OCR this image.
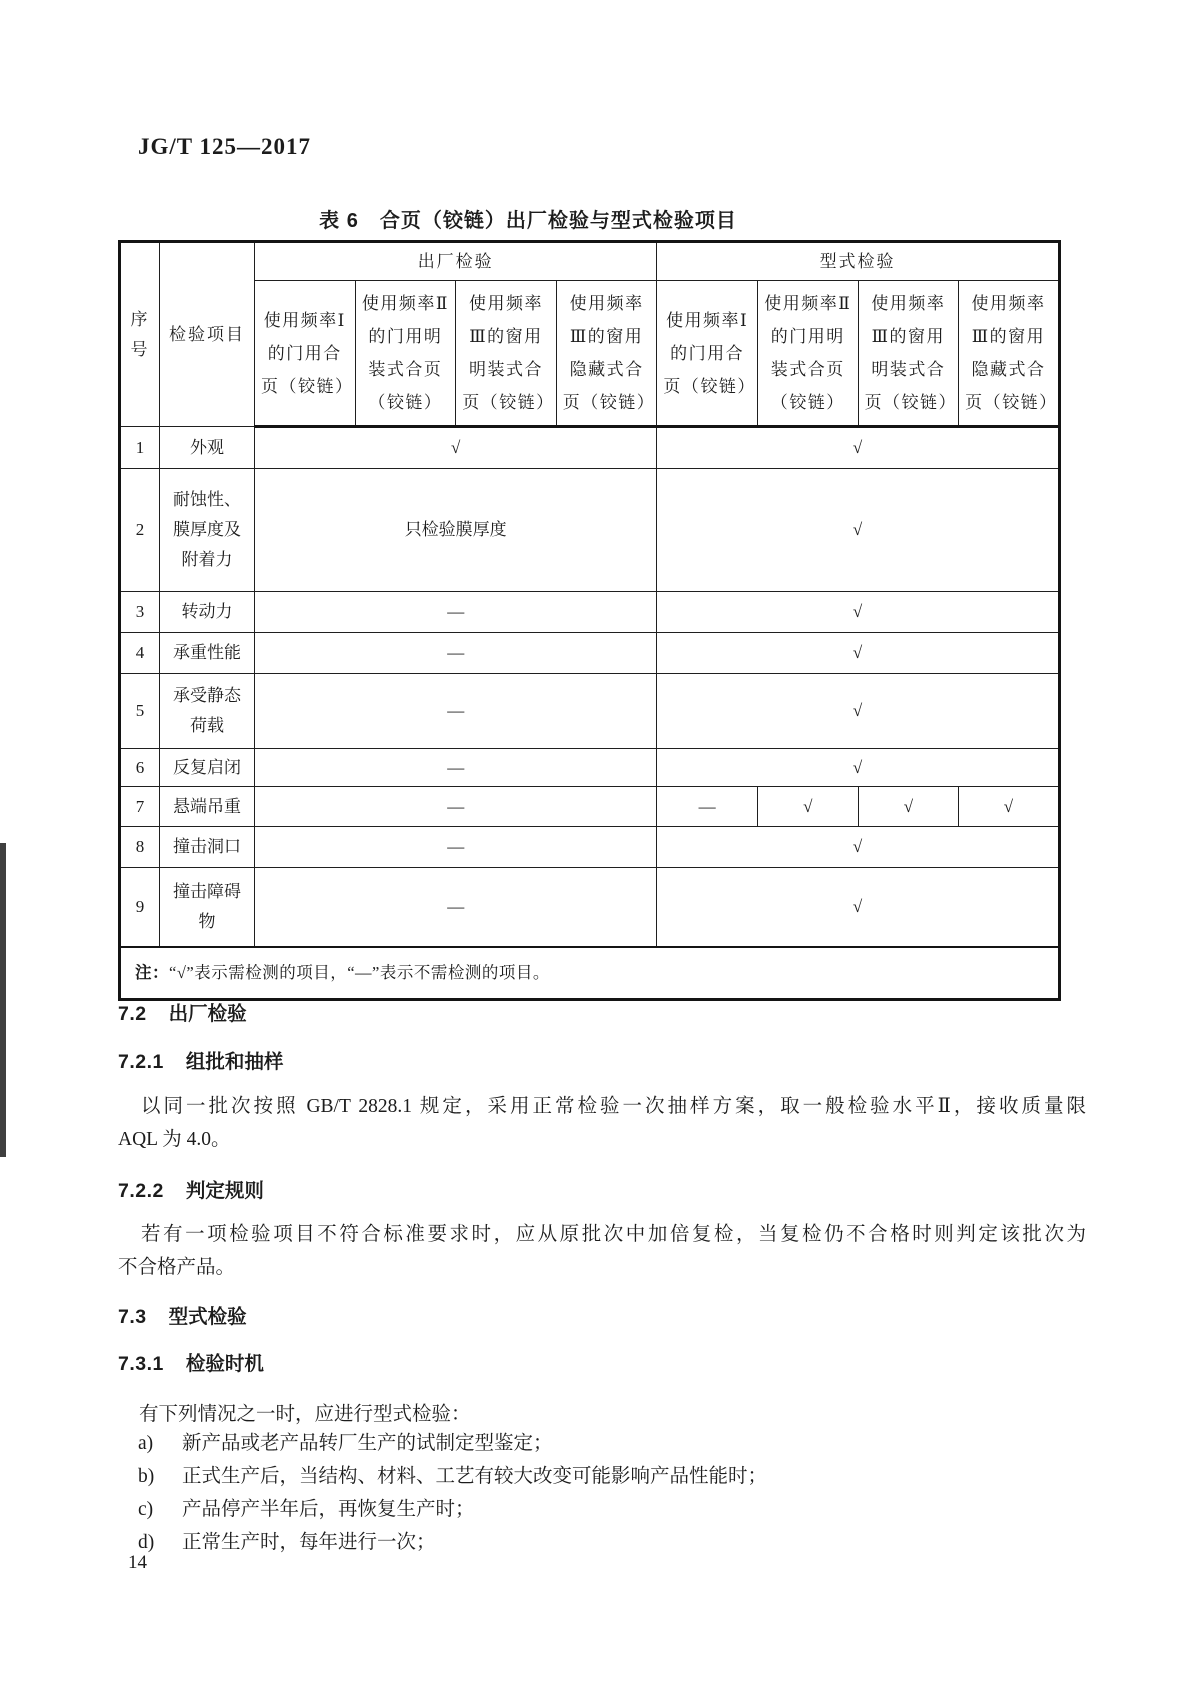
JG/T 125—2017
表 6　合页（铰链）出厂检验与型式检验项目
序号	检验项目	出厂检验				型式检验			
		使用频率Ⅰ的门用合页（铰链）	使用频率Ⅱ的门用明装式合页（铰链）	使用频率Ⅲ的窗用明装式合页（铰链）	使用频率Ⅲ的窗用隐藏式合页（铰链）	使用频率Ⅰ的门用合页（铰链）	使用频率Ⅱ的门用明装式合页（铰链）	使用频率Ⅲ的窗用明装式合页（铰链）	使用频率Ⅲ的窗用隐藏式合页（铰链）
1	外观	√				√			
2	耐蚀性、膜厚度及附着力	只检验膜厚度				√			
3	转动力	—				√			
4	承重性能	—				√			
5	承受静态荷载	—				√			
6	反复启闭	—				√			
7	悬端吊重	—				—	√	√	√
8	撞击洞口	—				√			
9	撞击障碍物	—				√			
注：“√”表示需检测的项目，“—”表示不需检测的项目。									
7.2 出厂检验
7.2.1 组批和抽样
以同一批次按照 GB/T 2828.1 规定，采用正常检验一次抽样方案，取一般检验水平Ⅱ，接收质量限
AQL 为 4.0。
7.2.2 判定规则
若有一项检验项目不符合标准要求时，应从原批次中加倍复检，当复检仍不合格时则判定该批次为
不合格产品。
7.3 型式检验
7.3.1 检验时机
有下列情况之一时，应进行型式检验：
a) 新产品或老产品转厂生产的试制定型鉴定；
b) 正式生产后，当结构、材料、工艺有较大改变可能影响产品性能时；
c) 产品停产半年后，再恢复生产时；
d) 正常生产时，每年进行一次；
14
